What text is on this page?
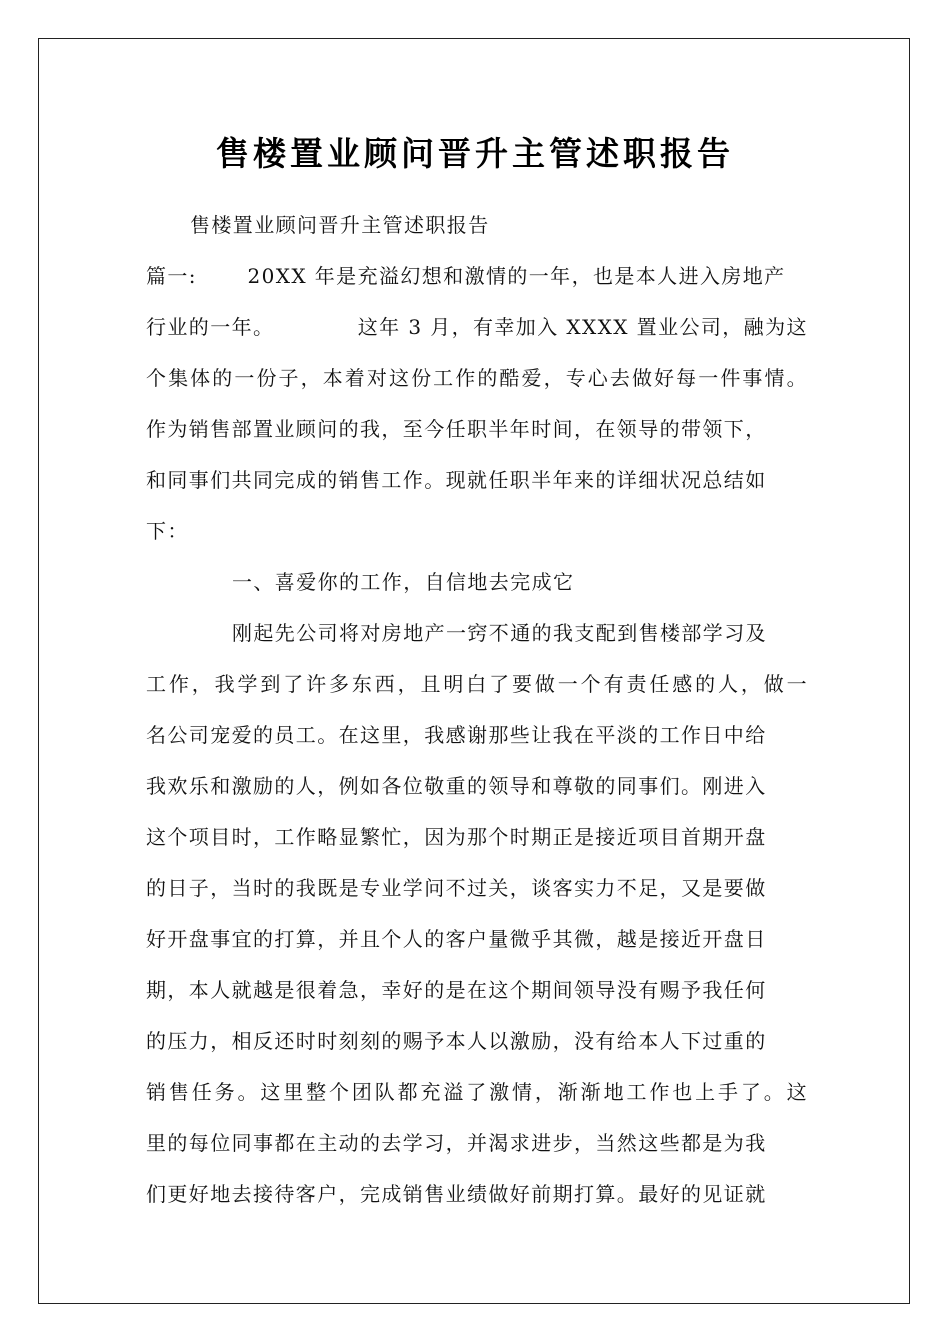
售楼置业顾问晋升主管述职报告

售楼置业顾问晋升主管述职报告

篇一:　　 20XX 年是充溢幻想和激情的一年，也是本人进入房地产

行业的一年。　　　　 这年 3 月，有幸加入 XXXX 置业公司，融为这

个集体的一份子，本着对这份工作的酷爱，专心去做好每一件事情。

作为销售部置业顾问的我，至今任职半年时间，在领导的带领下，

和同事们共同完成的销售工作。现就任职半年来的详细状况总结如

下：

一、喜爱你的工作，自信地去完成它

刚起先公司将对房地产一窍不通的我支配到售楼部学习及

工作，我学到了许多东西，且明白了要做一个有责任感的人，做一

名公司宠爱的员工。在这里，我感谢那些让我在平淡的工作日中给

我欢乐和激励的人，例如各位敬重的领导和尊敬的同事们。刚进入

这个项目时，工作略显繁忙，因为那个时期正是接近项目首期开盘

的日子，当时的我既是专业学问不过关，谈客实力不足，又是要做

好开盘事宜的打算，并且个人的客户量微乎其微，越是接近开盘日

期，本人就越是很着急，幸好的是在这个期间领导没有赐予我任何

的压力，相反还时时刻刻的赐予本人以激励，没有给本人下过重的

销售任务。这里整个团队都充溢了激情，渐渐地工作也上手了。这

里的每位同事都在主动的去学习，并渴求进步，当然这些都是为我

们更好地去接待客户，完成销售业绩做好前期打算。最好的见证就
